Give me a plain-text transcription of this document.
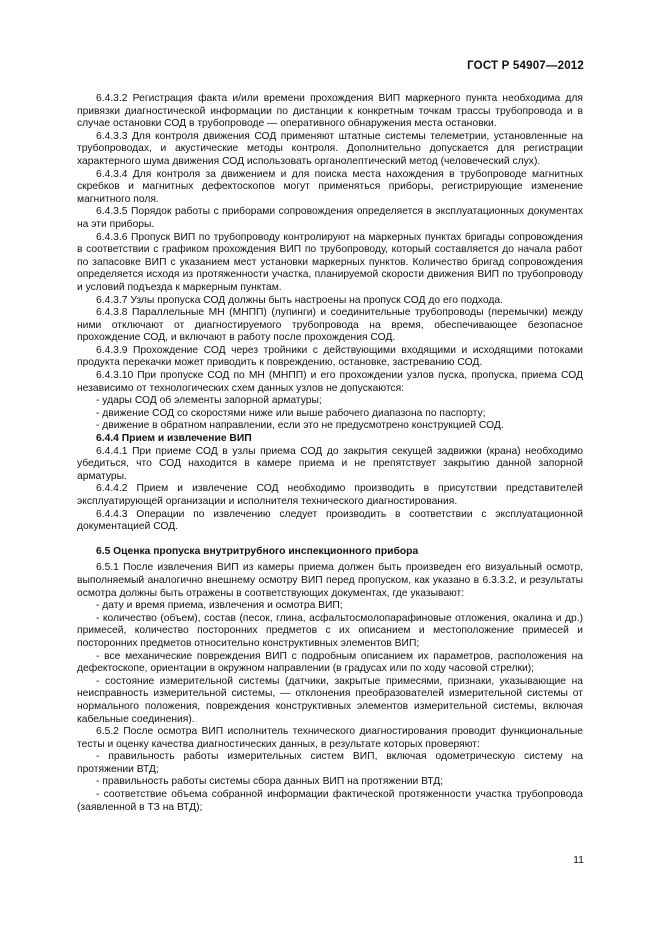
ГОСТ Р 54907—2012

6.4.3.2 Регистрация факта и/или времени прохождения ВИП маркерного пункта необходима для привязки диагностической информации по дистанции к конкретным точкам трассы трубопровода и в случае остановки СОД в трубопроводе — оперативного обнаружения места остановки.

6.4.3.3 Для контроля движения СОД применяют штатные системы телеметрии, установленные на трубопроводах, и акустические методы контроля. Дополнительно допускается для регистрации характерного шума движения СОД использовать органолептический метод (человеческий слух).

6.4.3.4 Для контроля за движением и для поиска места нахождения в трубопроводе магнитных скребков и магнитных дефектоскопов могут применяться приборы, регистрирующие изменение магнитного поля.

6.4.3.5 Порядок работы с приборами сопровождения определяется в эксплуатационных документах на эти приборы.

6.4.3.6 Пропуск ВИП по трубопроводу контролируют на маркерных пунктах бригады сопровождения в соответствии с графиком прохождения ВИП по трубопроводу, который составляется до начала работ по запасовке ВИП с указанием мест установки маркерных пунктов. Количество бригад сопровождения определяется исходя из протяженности участка, планируемой скорости движения ВИП по трубопроводу и условий подъезда к маркерным пунктам.

6.4.3.7 Узлы пропуска СОД должны быть настроены на пропуск СОД до его подхода.

6.4.3.8 Параллельные МН (МНПП) (лупинги) и соединительные трубопроводы (перемычки) между ними отключают от диагностируемого трубопровода на время, обеспечивающее безопасное прохождение СОД, и включают в работу после прохождения СОД.

6.4.3.9 Прохождение СОД через тройники с действующими входящими и исходящими потоками продукта перекачки может приводить к повреждению, остановке, застреванию СОД.

6.4.3.10 При пропуске СОД по МН (МНПП) и его прохождении узлов пуска, пропуска, приема СОД независимо от технологических схем данных узлов не допускаются:

- удары СОД об элементы запорной арматуры;

- движение СОД со скоростями ниже или выше рабочего диапазона по паспорту;

- движение в обратном направлении, если это не предусмотрено конструкцией СОД.

6.4.4 Прием и извлечение ВИП

6.4.4.1 При приеме СОД в узлы приема СОД до закрытия секущей задвижки (крана) необходимо убедиться, что СОД находится в камере приема и не препятствует закрытию данной запорной арматуры.

6.4.4.2 Прием и извлечение СОД необходимо производить в присутствии представителей эксплуатирующей организации и исполнителя технического диагностирования.

6.4.4.3 Операции по извлечению следует производить в соответствии с эксплуатационной документацией СОД.

6.5 Оценка пропуска внутритрубного инспекционного прибора

6.5.1 После извлечения ВИП из камеры приема должен быть произведен его визуальный осмотр, выполняемый аналогично внешнему осмотру ВИП перед пропуском, как указано в 6.3.3.2, и результаты осмотра должны быть отражены в соответствующих документах, где указывают:

- дату и время приема, извлечения и осмотра ВИП;

- количество (объем), состав (песок, глина, асфальтосмолопарафиновые отложения, окалина и др.) примесей, количество посторонних предметов с их описанием и местоположение примесей и посторонних предметов относительно конструктивных элементов ВИП;

- все механические повреждения ВИП с подробным описанием их параметров, расположения на дефектоскопе, ориентации в окружном направлении (в градусах или по ходу часовой стрелки);

- состояние измерительной системы (датчики, закрытые примесями, признаки, указывающие на неисправность измерительной системы, — отклонения преобразователей измерительной системы от нормального положения, повреждения конструктивных элементов измерительной системы, включая кабельные соединения).

6.5.2 После осмотра ВИП исполнитель технического диагностирования проводит функциональные тесты и оценку качества диагностических данных, в результате которых проверяют:

- правильность работы измерительных систем ВИП, включая одометрическую систему на протяжении ВТД;

- правильность работы системы сбора данных ВИП на протяжении ВТД;

- соответствие объема собранной информации фактической протяженности участка трубопровода (заявленной в ТЗ на ВТД);

11
